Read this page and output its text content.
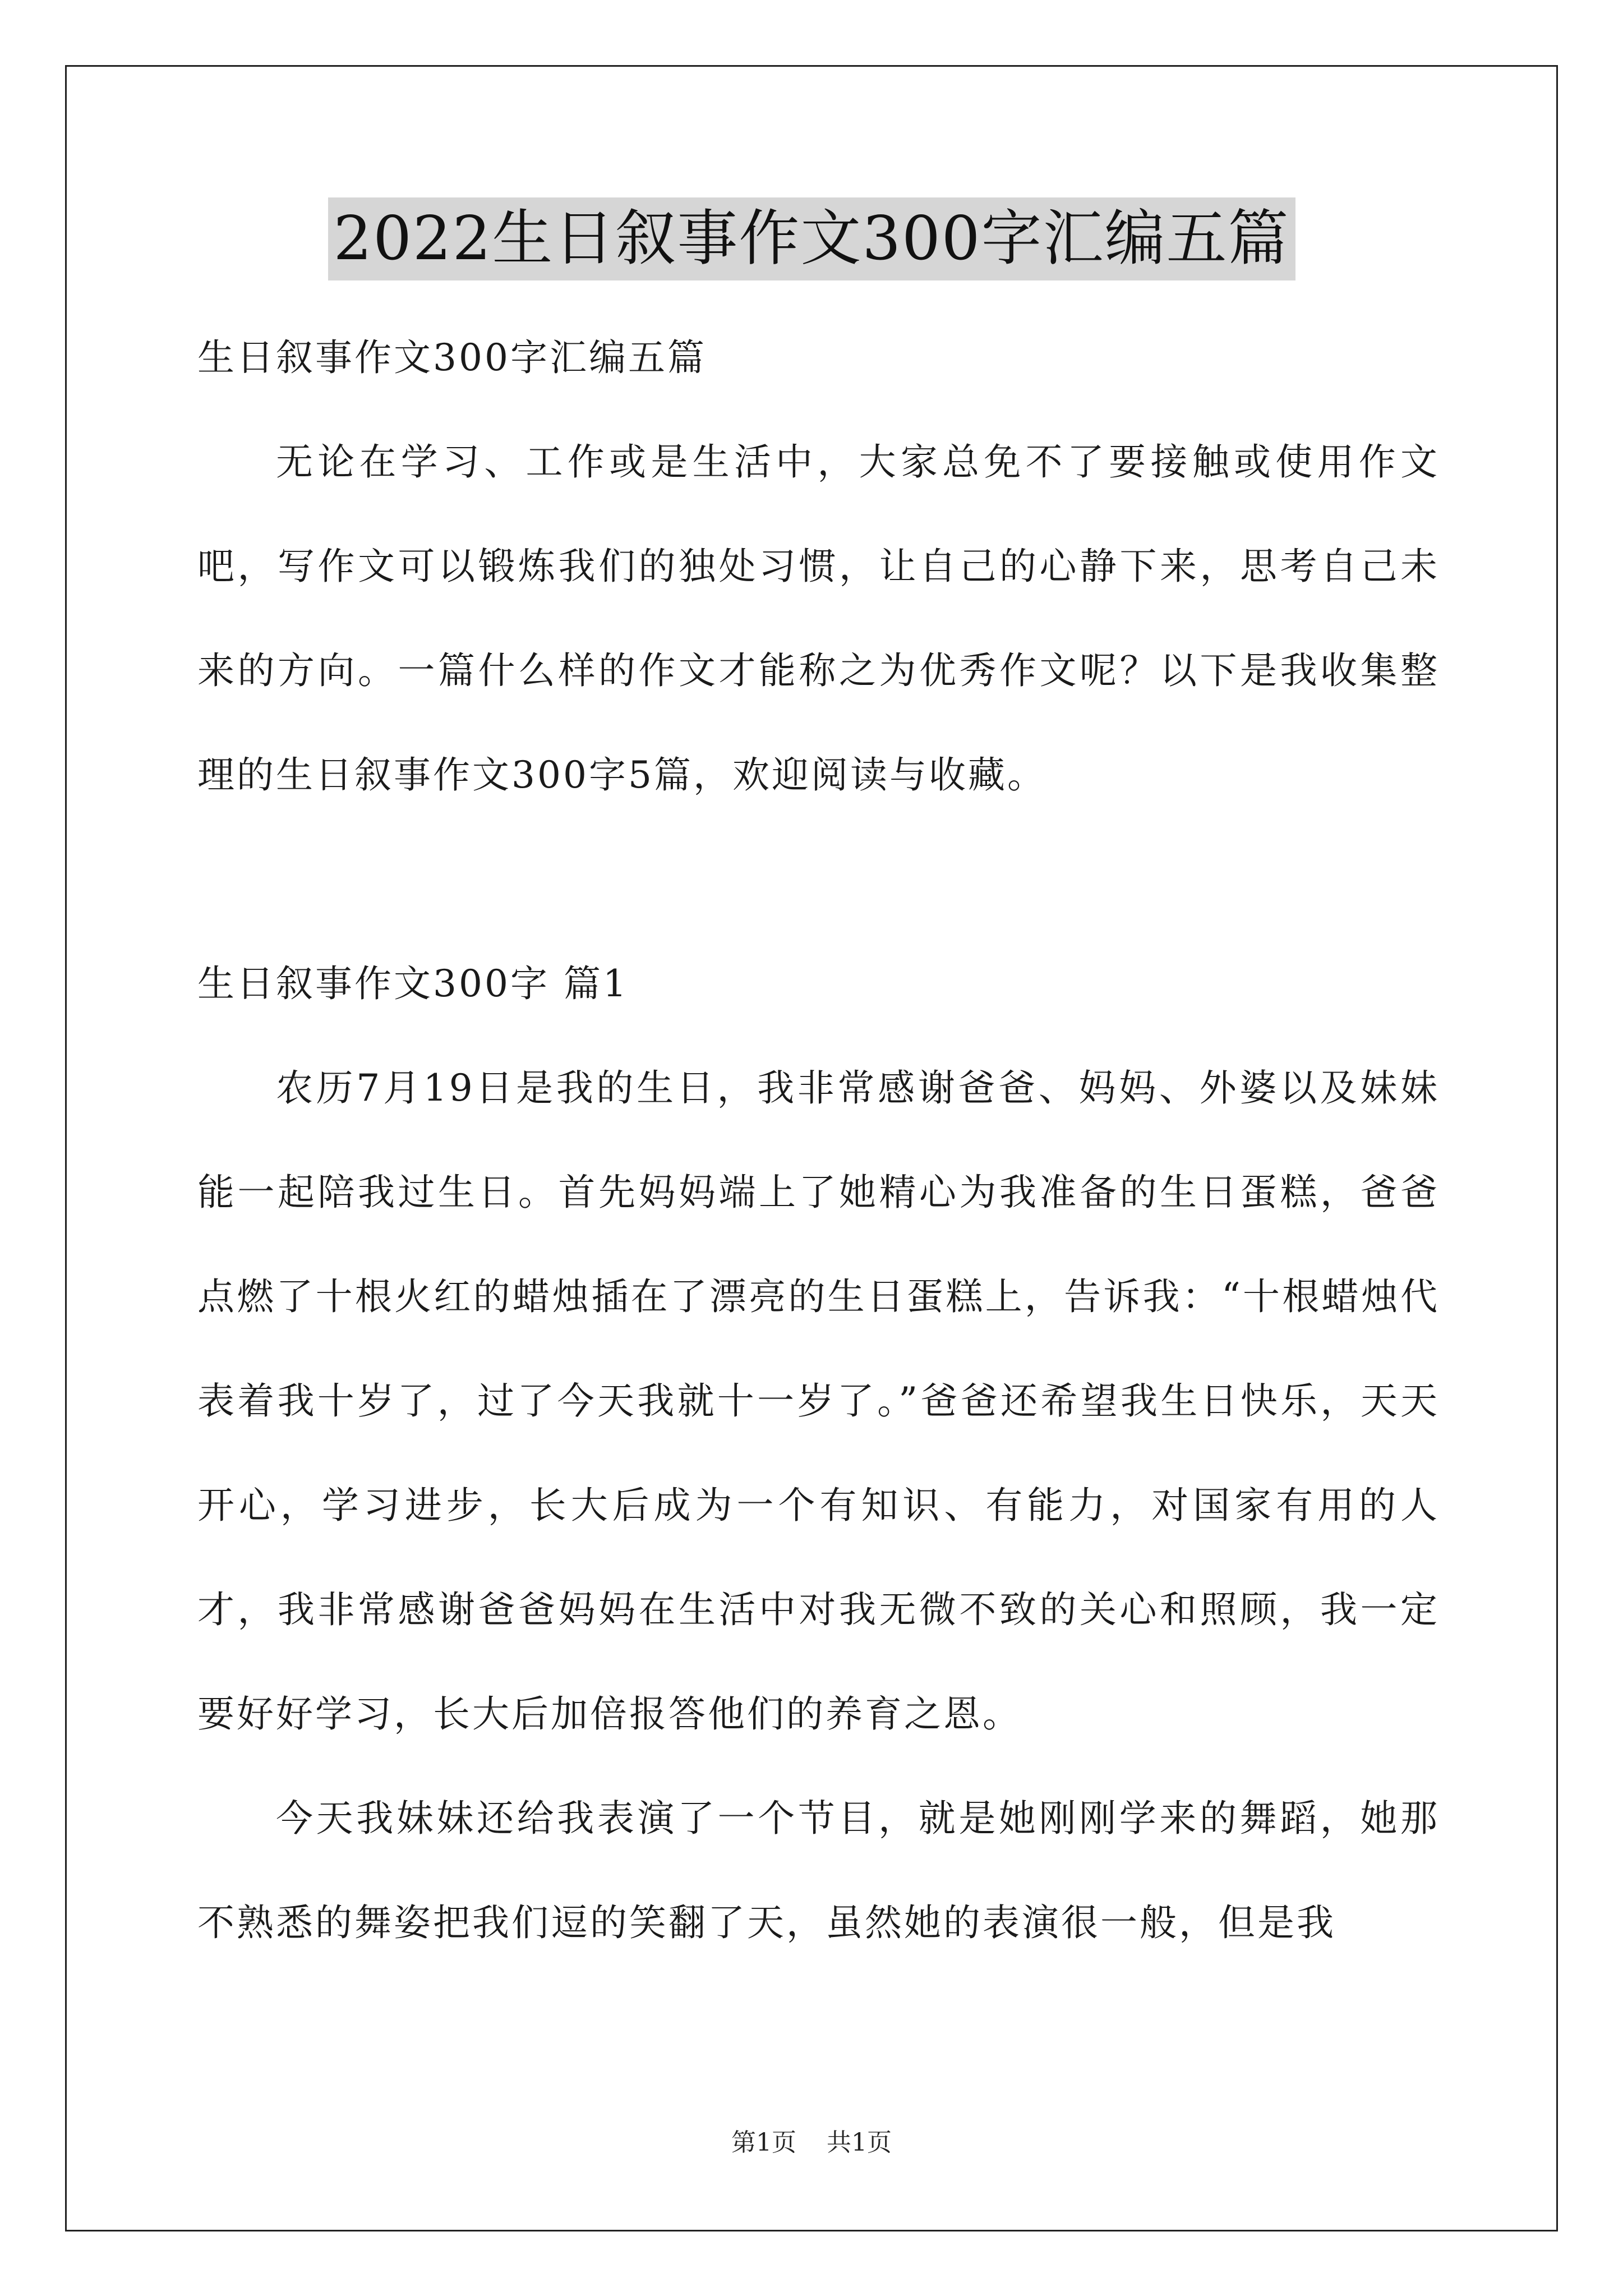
2022生日叙事作文300字汇编五篇

生日叙事作文300字汇编五篇

无论在学习、工作或是生活中，大家总免不了要接触或使用作文吧，写作文可以锻炼我们的独处习惯，让自己的心静下来，思考自己未来的方向。一篇什么样的作文才能称之为优秀作文呢？以下是我收集整理的生日叙事作文300字5篇，欢迎阅读与收藏。

生日叙事作文300字 篇1

农历7月19日是我的生日，我非常感谢爸爸、妈妈、外婆以及妹妹能一起陪我过生日。首先妈妈端上了她精心为我准备的生日蛋糕，爸爸点燃了十根火红的蜡烛插在了漂亮的生日蛋糕上，告诉我：“十根蜡烛代表着我十岁了，过了今天我就十一岁了。”爸爸还希望我生日快乐，天天开心，学习进步，长大后成为一个有知识、有能力，对国家有用的人才，我非常感谢爸爸妈妈在生活中对我无微不致的关心和照顾，我一定要好好学习，长大后加倍报答他们的养育之恩。

今天我妹妹还给我表演了一个节目，就是她刚刚学来的舞蹈，她那不熟悉的舞姿把我们逗的笑翻了天，虽然她的表演很一般，但是我

第1页 共1页
